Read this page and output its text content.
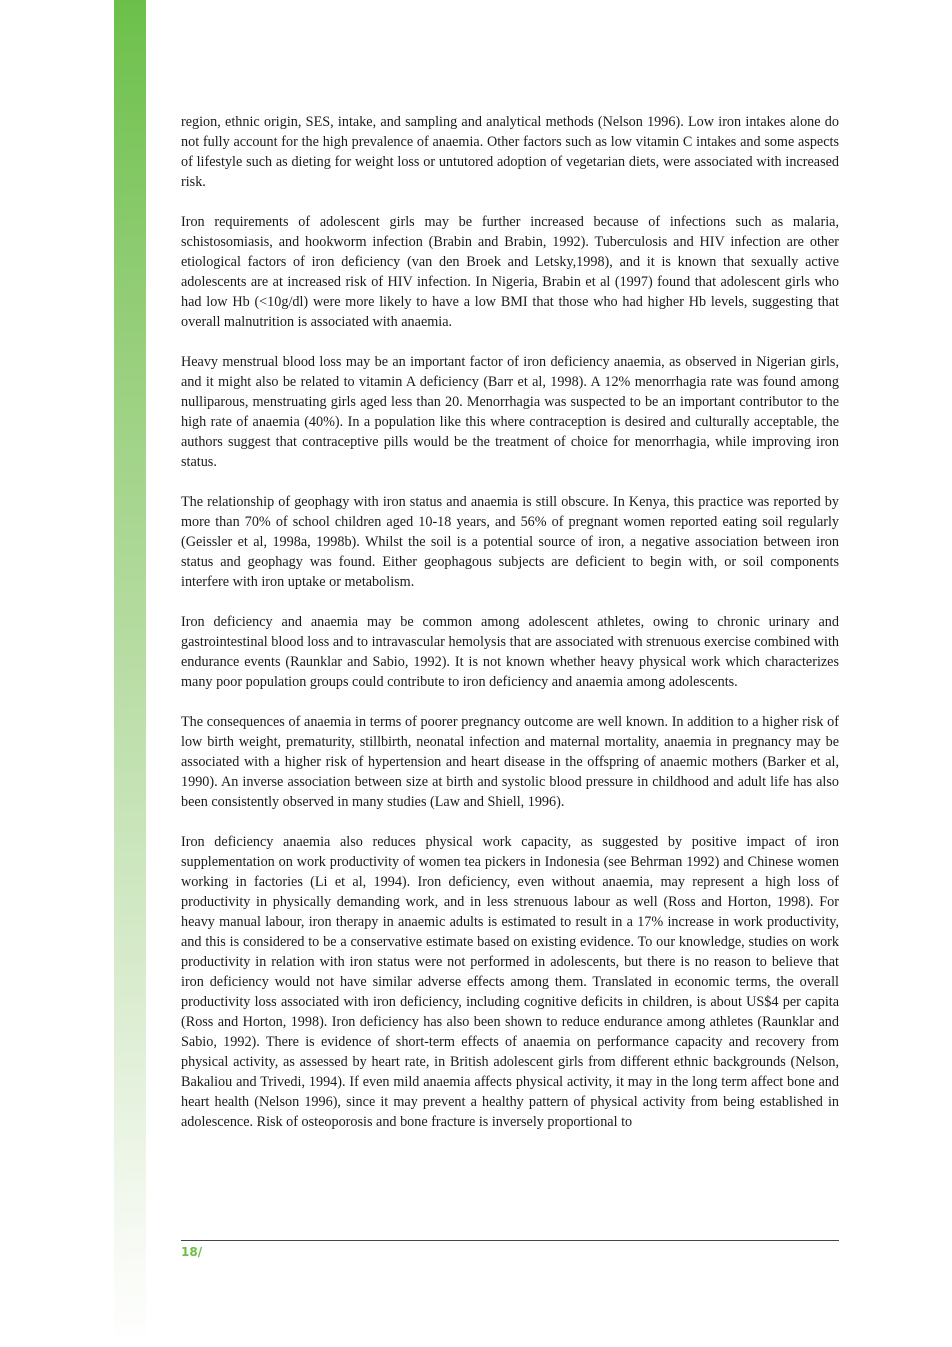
region, ethnic origin, SES, intake, and sampling and analytical methods (Nelson 1996). Low iron intakes alone do not fully account for the high prevalence of anaemia. Other factors such as low vitamin C intakes and some aspects of lifestyle such as dieting for weight loss or untutored adoption of vegetarian diets, were associated with increased risk.

Iron requirements of adolescent girls may be further increased because of infections such as malaria, schistosomiasis, and hookworm infection (Brabin and Brabin, 1992). Tuberculosis and HIV infection are other etiological factors of iron deficiency (van den Broek and Letsky,1998), and it is known that sexually active adolescents are at increased risk of HIV infection. In Nigeria, Brabin et al (1997) found that adolescent girls who had low Hb (<10g/dl) were more likely to have a low BMI that those who had higher Hb levels, suggesting that overall malnutrition is associated with anaemia.

Heavy menstrual blood loss may be an important factor of iron deficiency anaemia, as observed in Nigerian girls, and it might also be related to vitamin A deficiency (Barr et al, 1998). A 12% menorrhagia rate was found among nulliparous, menstruating girls aged less than 20. Menorrhagia was suspected to be an important contributor to the high rate of anaemia (40%). In a population like this where contraception is desired and culturally acceptable, the authors suggest that contraceptive pills would be the treatment of choice for menorrhagia, while improving iron status.

The relationship of geophagy with iron status and anaemia is still obscure. In Kenya, this practice was reported by more than 70% of school children aged 10-18 years, and 56% of pregnant women reported eating soil regularly (Geissler et al, 1998a, 1998b). Whilst the soil is a potential source of iron, a negative association between iron status and geophagy was found. Either geophagous subjects are deficient to begin with, or soil components interfere with iron uptake or metabolism.

Iron deficiency and anaemia may be common among adolescent athletes, owing to chronic urinary and gastrointestinal blood loss and to intravascular hemolysis that are associated with strenuous exercise combined with endurance events (Raunklar and Sabio, 1992). It is not known whether heavy physical work which characterizes many poor population groups could contribute to iron deficiency and anaemia among adolescents.

The consequences of anaemia in terms of poorer pregnancy outcome are well known. In addition to a higher risk of low birth weight, prematurity, stillbirth, neonatal infection and maternal mortality, anaemia in pregnancy may be associated with a higher risk of hypertension and heart disease in the offspring of anaemic mothers (Barker et al, 1990). An inverse association between size at birth and systolic blood pressure in childhood and adult life has also been consistently observed in many studies (Law and Shiell, 1996).

Iron deficiency anaemia also reduces physical work capacity, as suggested by positive impact of iron supplementation on work productivity of women tea pickers in Indonesia (see Behrman 1992) and Chinese women working in factories (Li et al, 1994). Iron deficiency, even without anaemia, may represent a high loss of productivity in physically demanding work, and in less strenuous labour as well (Ross and Horton, 1998). For heavy manual labour, iron therapy in anaemic adults is estimated to result in a 17% increase in work productivity, and this is considered to be a conservative estimate based on existing evidence. To our knowledge, studies on work productivity in relation with iron status were not performed in adolescents, but there is no reason to believe that iron deficiency would not have similar adverse effects among them. Translated in economic terms, the overall productivity loss associated with iron deficiency, including cognitive deficits in children, is about US$4 per capita (Ross and Horton, 1998). Iron deficiency has also been shown to reduce endurance among athletes (Raunklar and Sabio, 1992). There is evidence of short-term effects of anaemia on performance capacity and recovery from physical activity, as assessed by heart rate, in British adolescent girls from different ethnic backgrounds (Nelson, Bakaliou and Trivedi, 1994). If even mild anaemia affects physical activity, it may in the long term affect bone and heart health (Nelson 1996), since it may prevent a healthy pattern of physical activity from being established in adolescence. Risk of osteoporosis and bone fracture is inversely proportional to

18/
